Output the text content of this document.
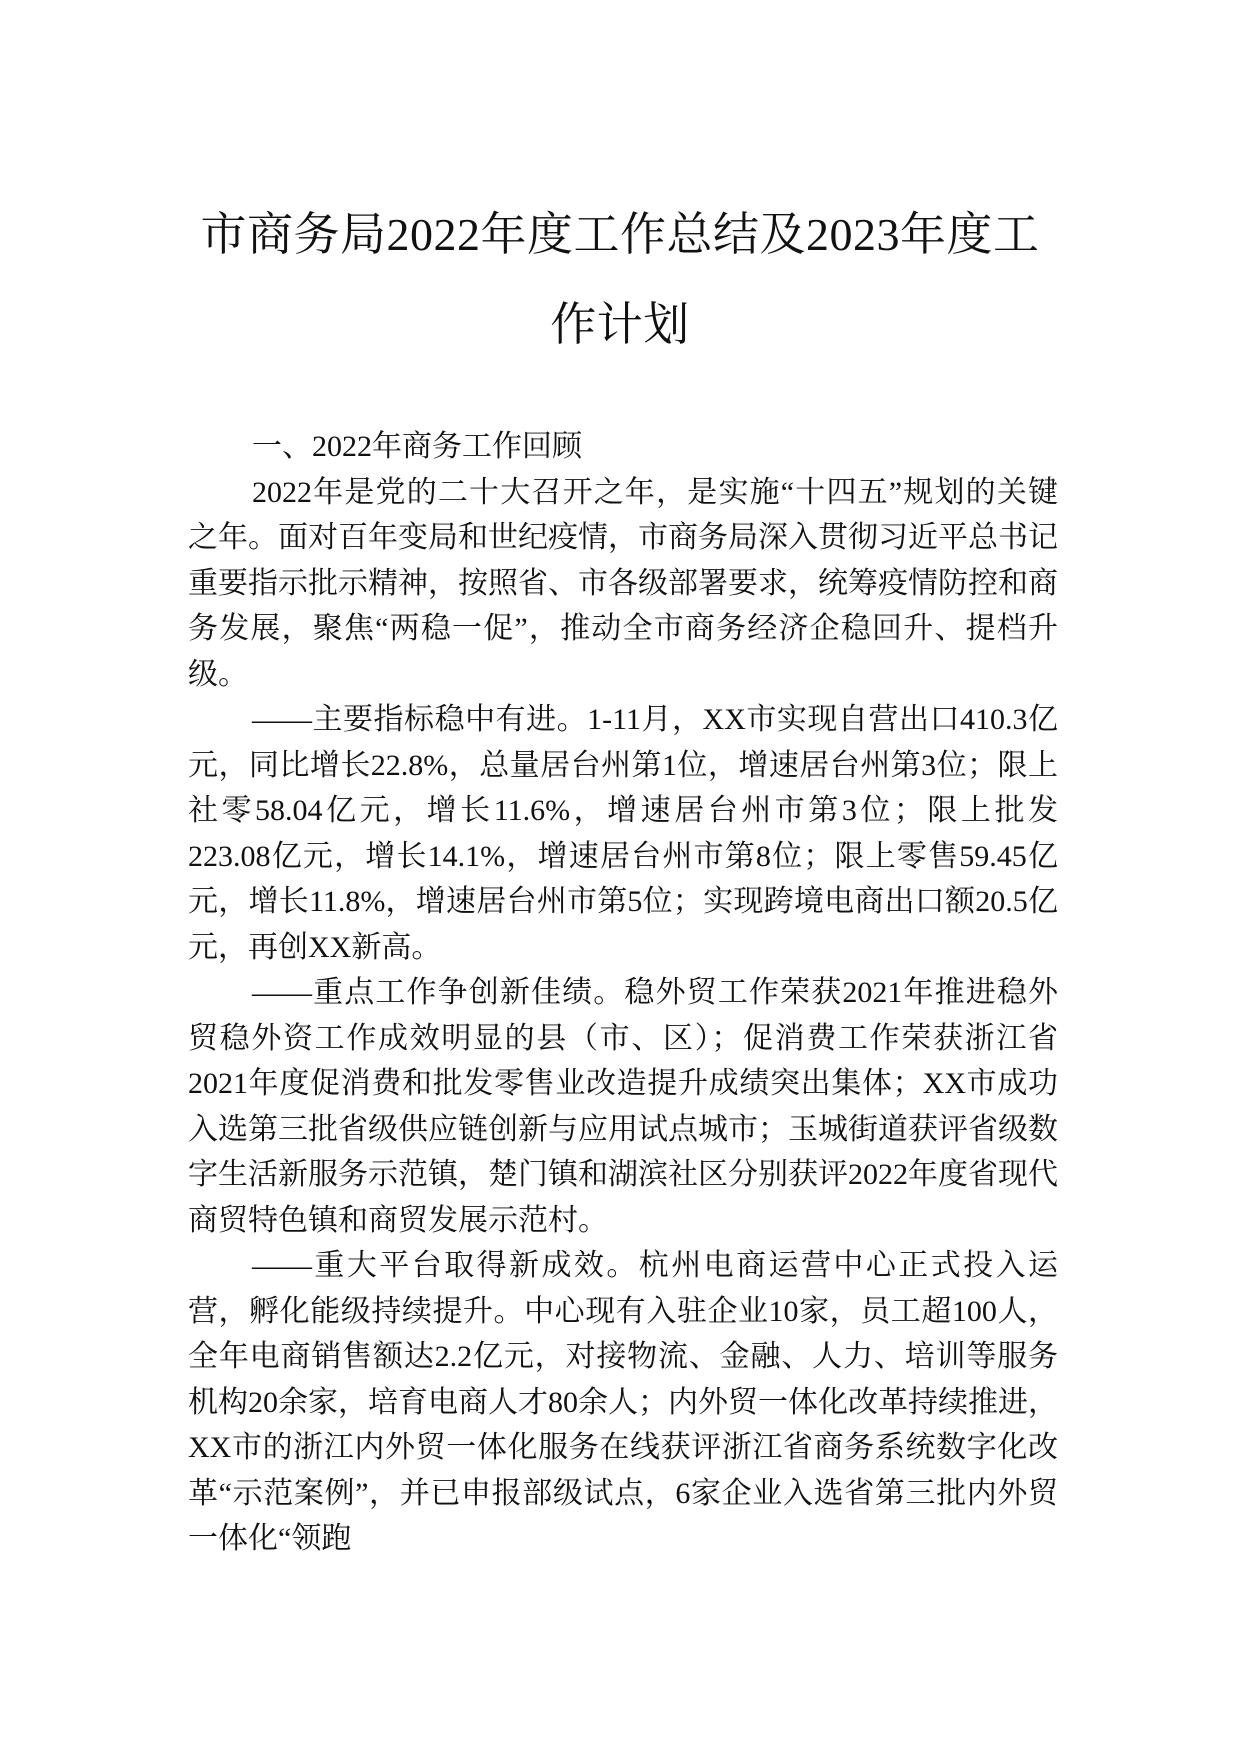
市商务局2022年度工作总结及2023年度工
作计划

一、2022年商务工作回顾

2022年是党的二十大召开之年，是实施“十四五”规划的关键之年。面对百年变局和世纪疫情，市商务局深入贯彻习近平总书记重要指示批示精神，按照省、市各级部署要求，统筹疫情防控和商务发展，聚焦“两稳一促”，推动全市商务经济企稳回升、提档升级。

——主要指标稳中有进。1-11月，XX市实现自营出口410.3亿元，同比增长22.8%，总量居台州第1位，增速居台州第3位；限上社零58.04亿元，增长11.6%，增速居台州市第3位；限上批发223.08亿元，增长14.1%，增速居台州市第8位；限上零售59.45亿元，增长11.8%，增速居台州市第5位；实现跨境电商出口额20.5亿元，再创XX新高。

——重点工作争创新佳绩。稳外贸工作荣获2021年推进稳外贸稳外资工作成效明显的县（市、区）；促消费工作荣获浙江省2021年度促消费和批发零售业改造提升成绩突出集体；XX市成功入选第三批省级供应链创新与应用试点城市；玉城街道获评省级数字生活新服务示范镇，楚门镇和湖滨社区分别获评2022年度省现代商贸特色镇和商贸发展示范村。

——重大平台取得新成效。杭州电商运营中心正式投入运营，孵化能级持续提升。中心现有入驻企业10家，员工超100人，全年电商销售额达2.2亿元，对接物流、金融、人力、培训等服务机构20余家，培育电商人才80余人；内外贸一体化改革持续推进，XX市的浙江内外贸一体化服务在线获评浙江省商务系统数字化改革“示范案例”，并已申报部级试点，6家企业入选省第三批内外贸一体化“领跑
